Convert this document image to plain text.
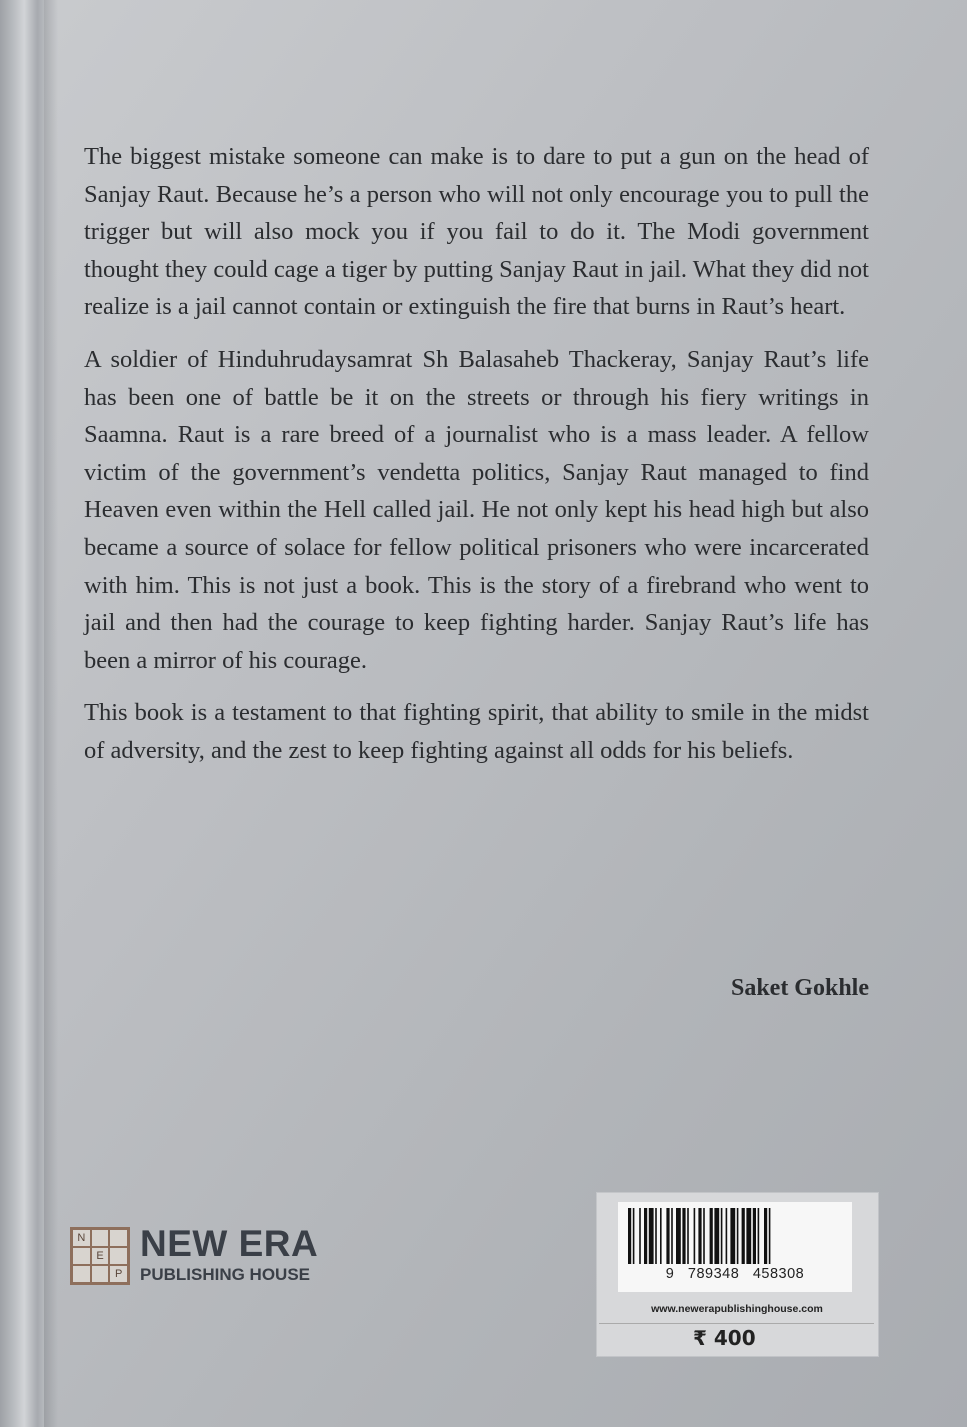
The biggest mistake someone can make is to dare to put a gun on the head of Sanjay Raut. Because he’s a person who will not only encourage you to pull the trigger but will also mock you if you fail to do it. The Modi government thought they could cage a tiger by putting Sanjay Raut in jail. What they did not realize is a jail cannot contain or extinguish the fire that burns in Raut’s heart.

A soldier of Hinduhrudaysamrat Sh Balasaheb Thackeray, Sanjay Raut’s life has been one of battle be it on the streets or through his fiery writings in Saamna. Raut is a rare breed of a journalist who is a mass leader. A fellow victim of the government’s vendetta politics, Sanjay Raut managed to find Heaven even within the Hell called jail. He not only kept his head high but also became a source of solace for fellow political prisoners who were incarcerated with him. This is not just a book. This is the story of a firebrand who went to jail and then had the courage to keep fighting harder. Sanjay Raut’s life has been a mirror of his courage.

This book is a testament to that fighting spirit, that ability to smile in the midst of adversity, and the zest to keep fighting against all odds for his beliefs.

Saket Gokhle
N
E
P
NEW ERA
PUBLISHING HOUSE	9   789348   458308
www.newerapublishinghouse.com
₹ 400
